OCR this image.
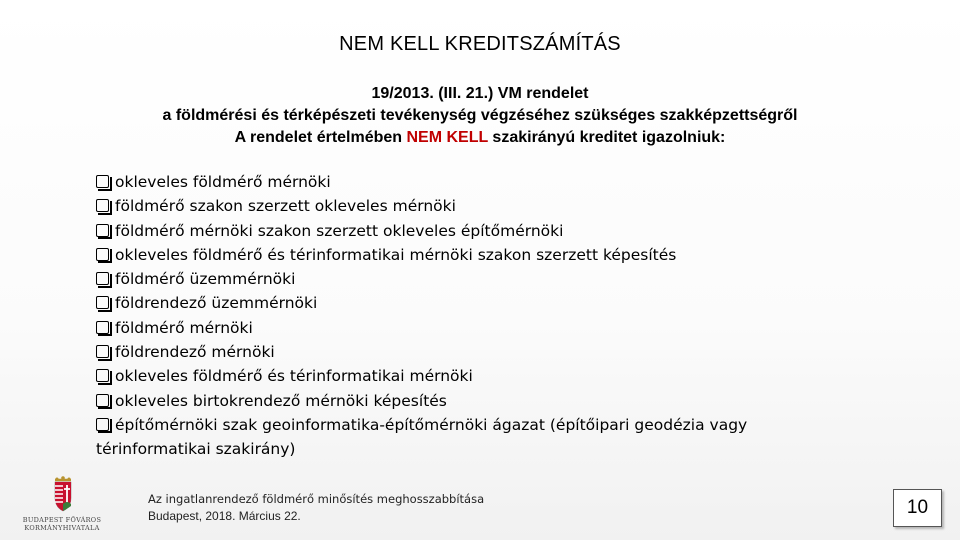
NEM KELL KREDITSZÁMÍTÁS
19/2013. (III. 21.) VM rendelet
a földmérési és térképészeti tevékenység végzéséhez szükséges szakképzettségről
A rendelet értelmében NEM KELL szakirányú kreditet igazolniuk:
okleveles földmérő mérnöki
földmérő szakon szerzett okleveles mérnöki
földmérő mérnöki szakon szerzett okleveles építőmérnöki
okleveles földmérő és térinformatikai mérnöki szakon szerzett képesítés
földmérő üzemmérnöki
földrendező üzemmérnöki
földmérő mérnöki
földrendező mérnöki
okleveles földmérő és térinformatikai mérnöki
okleveles birtokrendező mérnöki képesítés
építőmérnöki szak geoinformatika-építőmérnöki ágazat (építőipari geodézia vagy térinformatikai szakirány)
BUDAPEST FŐVÁROS
KORMÁNYHIVATALA
Az ingatlanrendező földmérő minősítés meghosszabbítása
Budapest, 2018. Március 22.	10
